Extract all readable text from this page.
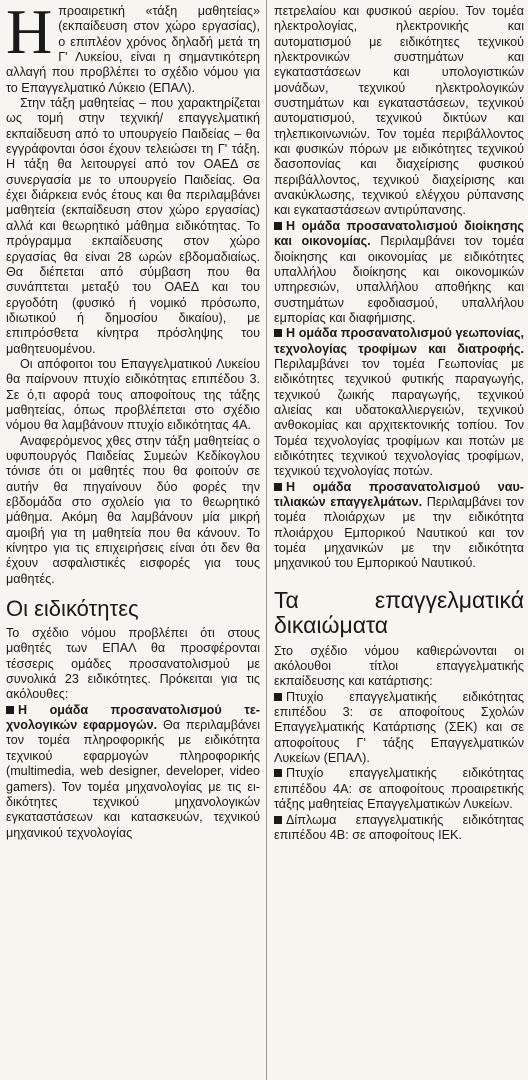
Η προαιρετική «τάξη μαθητείας» (εκπαίδευση στον χώρο εργασίας), ο επιπλέον χρόνος δηλαδή μετά τη Γ' Λυκείου, είναι η σημαντικότερη αλλαγή που προβλέπει το σχέδιο νόμου για το Επαγγελματικό Λύκειο (ΕΠΑΛ).

Στην τάξη μαθητείας – που χαρακτηρίζεται ως τομή στην τεχνική/ επαγγελματική εκπαίδευση από το υπουργείο Παιδείας – θα εγγράφονται όσοι έχουν τελειώσει τη Γ' τάξη. Η τάξη θα λειτουργεί από τον ΟΑΕΔ σε συνεργασία με το υπουργείο Παιδείας. Θα έχει διάρκεια ενός έτους και θα περιλαμβάνει μαθητεία (εκπαίδευση στον χώρο εργασίας) αλλά και θεωρητικό μάθημα ειδικότητας. Το πρόγραμμα εκπαίδευσης στον χώρο εργασίας θα είναι 28 ωρών εβδομαδιαίως. Θα διέπεται από σύμβαση που θα συνάπτεται μεταξύ του ΟΑΕΔ και του εργοδότη (φυσικό ή νομικό πρόσωπο, ιδιωτικού ή δημοσίου δικαίου), με επιπρόσθετα κίνητρα πρόσληψης του μαθητευομένου.

Οι απόφοιτοι του Επαγγελματικού Λυκείου θα παίρνουν πτυχίο ειδικότητας επιπέδου 3. Σε ό,τι αφορά τους αποφοίτους της τάξης μαθητείας, όπως προβλέπεται στο σχέδιο νόμου θα λαμβάνουν πτυχίο ειδικότητας 4Α.

Αναφερόμενος χθες στην τάξη μαθητείας ο υφυπουργός Παιδείας Συμεών Κεδίκογλου τόνισε ότι οι μαθητές που θα φοιτούν σε αυτήν θα πηγαίνουν δύο φορές την εβδομάδα στο σχολείο για το θεωρητικό μάθημα. Ακόμη θα λαμβάνουν μία μικρή αμοιβή για τη μαθητεία που θα κάνουν. Το κίνητρο για τις επιχειρήσεις είναι ότι δεν θα έχουν ασφαλιστικές εισφορές για τους μαθητές.

Οι ειδικότητες

Το σχέδιο νόμου προβλέπει ότι στους μαθητές των ΕΠΑΛ θα προσφέρονται τέσσερις ομάδες προσανατολισμού με συνολικά 23 ειδικότητες. Πρόκειται για τις ακόλουθες:

Η ομάδα προσανατολισμού τεχνολογικών εφαρμογών. Θα περιλαμβάνει τον τομέα πληροφορικής με ειδικότητα τεχνικού εφαρμογών πληροφορικής (multimedia, web designer, developer, video gamers). Τον τομέα μηχανολογίας με τις ειδικότητες τεχνικού μηχανολογικών εγκαταστάσεων και κατασκευών, τεχνικού μηχανικού τεχνολογίας

πετρελαίου και φυσικού αερίου. Τον τομέα ηλεκτρολογίας, ηλεκτρονικής και αυτοματισμού με ειδικότητες τεχνικού ηλεκτρονικών συστημάτων και εγκαταστάσεων και υπολογιστικών μονάδων, τεχνικού ηλεκτρολογικών συστημάτων και εγκαταστάσεων, τεχνικού αυτοματισμού, τεχνικού δικτύων και τηλεπικοινωνιών. Τον τομέα περιβάλλοντος και φυσικών πόρων με ειδικότητες τεχνικού δασοπονίας και διαχείρισης φυσικού περιβάλλοντος, τεχνικού διαχείρισης και ανακύκλωσης, τεχνικού ελέγχου ρύπανσης και εγκαταστάσεων αντιρύπανσης.

Η ομάδα προσανατολισμού διοίκησης και οικονομίας. Περιλαμβάνει τον τομέα διοίκησης και οικονομίας με ειδικότητες υπαλλήλου διοίκησης και οικονομικών υπηρεσιών, υπαλλήλου αποθήκης και συστημάτων εφοδιασμού, υπαλλήλου εμπορίας και διαφήμισης.

Η ομάδα προσανατολισμού γεωπονίας, τεχνολογίας τροφίμων και διατροφής. Περιλαμβάνει τον τομέα Γεωπονίας με ειδικότητες τεχνικού φυτικής παραγωγής, τεχνικού ζωικής παραγωγής, τεχνικού αλιείας και υδατοκαλλιεργειών, τεχνικού ανθοκομίας και αρχιτεκτονικής τοπίου. Τον Τομέα τεχνολογίας τροφίμων και ποτών με ειδικότητες τεχνικού τεχνολογίας τροφίμων, τεχνικού τεχνολογίας ποτών.

Η ομάδα προσανατολισμού ναυτιλιακών επαγγελμάτων. Περιλαμβάνει τον τομέα πλοιάρχων με την ειδικότητα πλοιάρχου Εμπορικού Ναυτικού και τον τομέα μηχανικών με την ειδικότητα μηχανικού του Εμπορικού Ναυτικού.

Τα επαγγελματικά δικαιώματα

Στο σχέδιο νόμου καθιερώνονται οι ακόλουθοι τίτλοι επαγγελματικής εκπαίδευσης και κατάρτισης:

Πτυχίο επαγγελματικής ειδικότητας επιπέδου 3: σε αποφοίτους Σχολών Επαγγελματικής Κατάρτισης (ΣΕΚ) και σε αποφοίτους Γ' τάξης Επαγγελματικών Λυκείων (ΕΠΑΛ).

Πτυχίο επαγγελματικής ειδικότητας επιπέδου 4Α: σε αποφοίτους προαιρετικής τάξης μαθητείας Επαγγελματικών Λυκείων.

Δίπλωμα επαγγελματικής ειδικότητας επιπέδου 4Β: σε αποφοίτους ΙΕΚ.
